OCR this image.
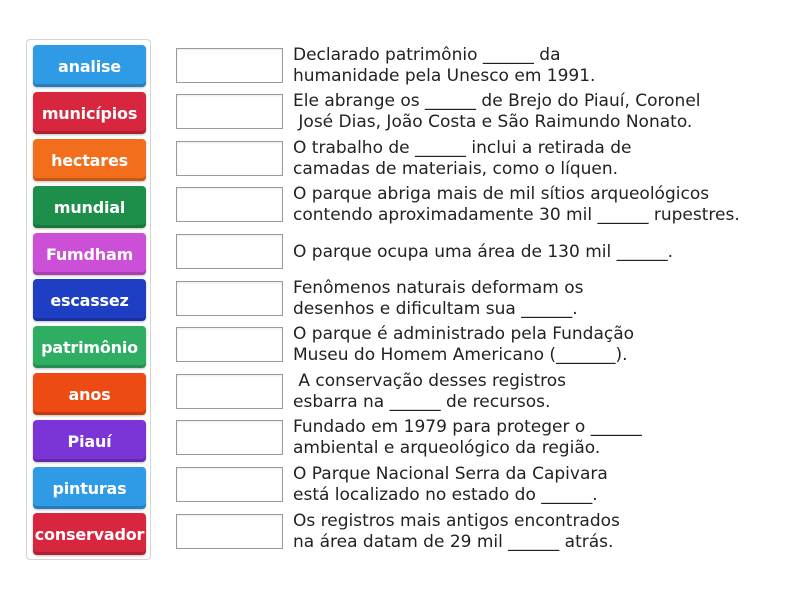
analise
municípios
hectares
mundial
Fumdham
escassez
patrimônio
anos
Piauí
pinturas
conservador
Declarado patrimônio ______ da
humanidade pela Unesco em 1991.
Ele abrange os ______ de Brejo do Piauí, Coronel
José Dias, João Costa e São Raimundo Nonato.
O trabalho de ______ inclui a retirada de
camadas de materiais, como o líquen.
O parque abriga mais de mil sítios arqueológicos
contendo aproximadamente 30 mil ______ rupestres.
O parque ocupa uma área de 130 mil ______.
Fenômenos naturais deformam os
desenhos e dificultam sua ______.
O parque é administrado pela Fundação
Museu do Homem Americano (_______).
A conservação desses registros
esbarra na ______ de recursos.
Fundado em 1979 para proteger o ______
ambiental e arqueológico da região.
O Parque Nacional Serra da Capivara
está localizado no estado do ______.
Os registros mais antigos encontrados
na área datam de 29 mil ______ atrás.
